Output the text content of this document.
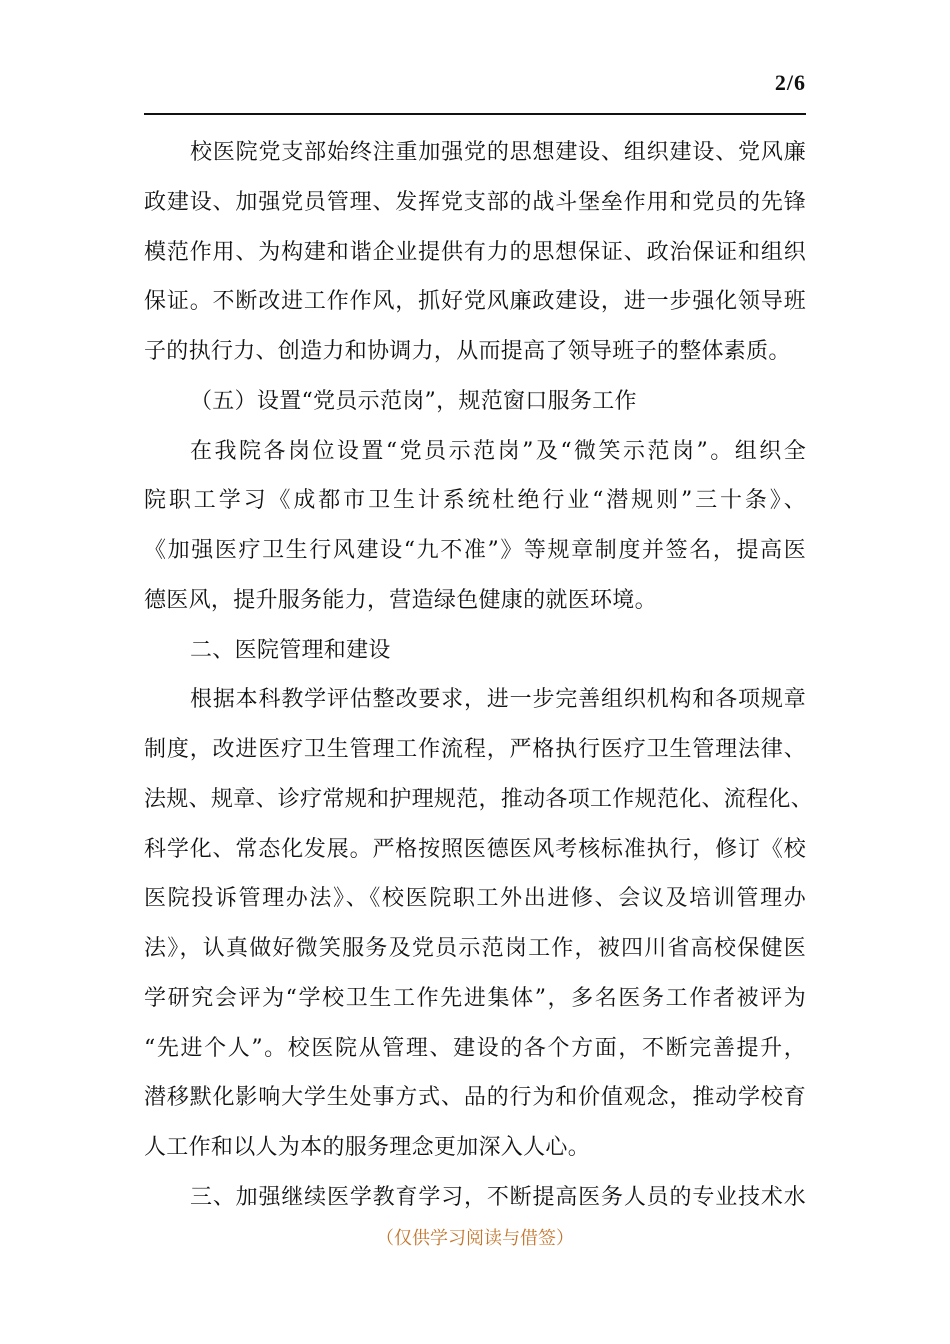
2/6
校医院党支部始终注重加强党的思想建设、组织建设、党风廉
政建设、加强党员管理、发挥党支部的战斗堡垒作用和党员的先锋
模范作用、为构建和谐企业提供有力的思想保证、政治保证和组织
保证。不断改进工作作风，抓好党风廉政建设，进一步强化领导班
子的执行力、创造力和协调力，从而提高了领导班子的整体素质。
（五）设置“党员示范岗”，规范窗口服务工作
在我院各岗位设置“党员示范岗”及“微笑示范岗”。组织全
院职工学习《成都市卫生计系统杜绝行业“潜规则”三十条》、
《加强医疗卫生行风建设“九不准”》等规章制度并签名，提高医
德医风，提升服务能力，营造绿色健康的就医环境。
二、医院管理和建设
根据本科教学评估整改要求，进一步完善组织机构和各项规章
制度，改进医疗卫生管理工作流程，严格执行医疗卫生管理法律、
法规、规章、诊疗常规和护理规范，推动各项工作规范化、流程化、
科学化、常态化发展。严格按照医德医风考核标准执行，修订《校
医院投诉管理办法》、《校医院职工外出进修、会议及培训管理办
法》，认真做好微笑服务及党员示范岗工作，被四川省高校保健医
学研究会评为“学校卫生工作先进集体”，多名医务工作者被评为
“先进个人”。校医院从管理、建设的各个方面，不断完善提升，
潜移默化影响大学生处事方式、品的行为和价值观念，推动学校育
人工作和以人为本的服务理念更加深入人心。
三、加强继续医学教育学习，不断提高医务人员的专业技术水
（仅供学习阅读与借签）
